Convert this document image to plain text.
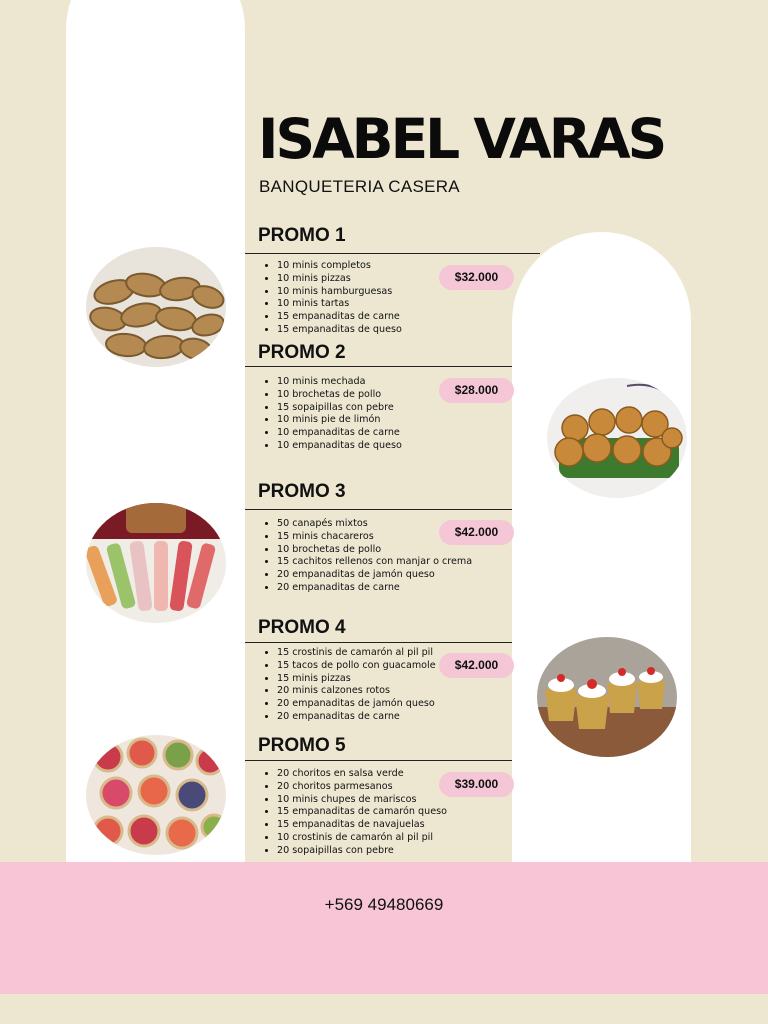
ISABEL VARAS
BANQUETERIA CASERA
PROMO 1
• 10 minis completos
• 10 minis pizzas
• 10 minis hamburguesas
• 10 minis tartas
• 15 empanaditas de carne
• 15 empanaditas de queso
$32.000
PROMO 2
• 10 minis mechada
• 10 brochetas de pollo
• 15 sopaipillas con pebre
• 10 minis pie de limón
• 10 empanaditas de carne
• 10 empanaditas de queso
$28.000
PROMO 3
• 50 canapés mixtos
• 15 minis chacareros
• 10 brochetas de pollo
• 15 cachitos rellenos con manjar o crema
• 20 empanaditas de jamón queso
• 20 empanaditas de carne
$42.000
PROMO 4
• 15 crostinis de camarón al pil pil
• 15 tacos de pollo con guacamole
• 15 minis pizzas
• 20 minis calzones rotos
• 20 empanaditas de jamón queso
• 20 empanaditas de carne
$42.000
PROMO 5
• 20 choritos en salsa verde
• 20 choritos parmesanos
• 10 minis chupes de mariscos
• 15 empanaditas de camarón queso
• 15 empanaditas de navajuelas
• 10 crostinis de camarón al pil pil
• 20 sopaipillas con pebre
$39.000
+569 49480669
